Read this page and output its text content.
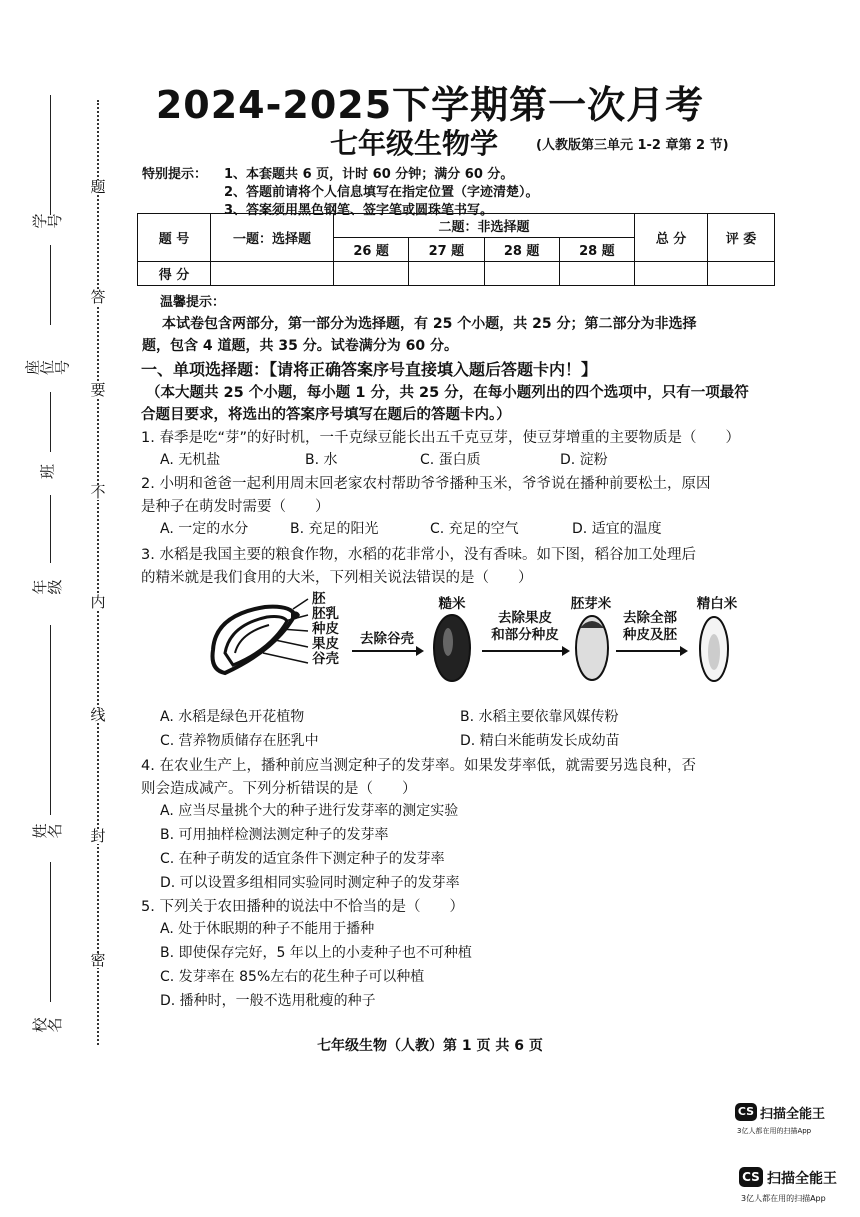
题
答
要
不
内
线
封
密
学号
座位号
班
年级
姓名
校名
2024-2025下学期第一次月考
七年级生物学	(人教版第三单元 1-2 章第 2 节)
特别提示： 1、本套题共 6 页，计时 60 分钟；满分 60 分。
2、答题前请将个人信息填写在指定位置（字迹清楚）。
3、答案须用黑色钢笔、签字笔或圆珠笔书写。
题 号	一题：选择题	二题：非选择题				总 分	评 委
		26 题	27 题	28 题	28 题		
得 分							
温馨提示：
本试卷包含两部分，第一部分为选择题，有 25 个小题，共 25 分；第二部分为非选择
题，包含 4 道题，共 35 分。试卷满分为 60 分。
一、单项选择题：【请将正确答案序号直接填入题后答题卡内！】
（本大题共 25 个小题，每小题 1 分，共 25 分，在每小题列出的四个选项中，只有一项最符
合题目要求，将选出的答案序号填写在题后的答题卡内。）
1. 春季是吃“芽”的好时机，一千克绿豆能长出五千克豆芽，使豆芽增重的主要物质是（　　）
A. 无机盐	B. 水	C. 蛋白质	D. 淀粉
2. 小明和爸爸一起利用周末回老家农村帮助爷爷播种玉米，爷爷说在播种前要松土，原因
是种子在萌发时需要（　　）
A. 一定的水分	B. 充足的阳光	C. 充足的空气	D. 适宜的温度
3. 水稻是我国主要的粮食作物，水稻的花非常小，没有香味。如下图，稻谷加工处理后
的精米就是我们食用的大米，下列相关说法错误的是（　　）
胚
胚乳
种皮
果皮
谷壳
去除谷壳
糙米
去除果皮
和部分种皮
胚芽米
去除全部
种皮及胚
精白米
A. 水稻是绿色开花植物	B. 水稻主要依靠风媒传粉
C. 营养物质储存在胚乳中	D. 精白米能萌发长成幼苗
4. 在农业生产上，播种前应当测定种子的发芽率。如果发芽率低，就需要另选良种，否
则会造成减产。下列分析错误的是（　　）
A. 应当尽量挑个大的种子进行发芽率的测定实验
B. 可用抽样检测法测定种子的发芽率
C. 在种子萌发的适宜条件下测定种子的发芽率
D. 可以设置多组相同实验同时测定种子的发芽率
5. 下列关于农田播种的说法中不恰当的是（　　）
A. 处于休眠期的种子不能用于播种
B. 即使保存完好，5 年以上的小麦种子也不可种植
C. 发芽率在 85%左右的花生种子可以种植
D. 播种时，一般不选用秕瘦的种子
七年级生物（人教）第 1 页 共 6 页
CS 扫描全能王
3亿人都在用的扫描App
CS 扫描全能王
3亿人都在用的扫描App
